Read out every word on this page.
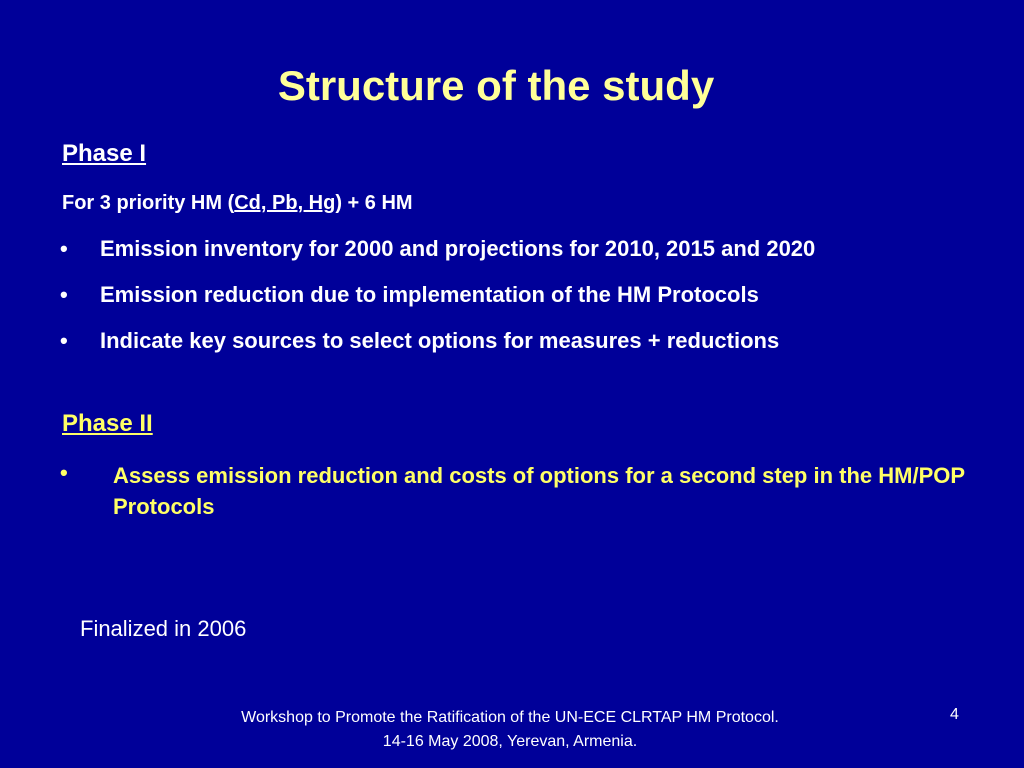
Structure of the study
Phase I
For 3 priority HM (Cd, Pb, Hg) + 6 HM
• Emission inventory for 2000 and projections for 2010, 2015 and 2020
• Emission reduction due to implementation of the HM Protocols
• Indicate key sources to select options for measures + reductions
Phase II
• Assess emission reduction and costs of options for a second step in the HM/POP Protocols
Finalized in 2006
Workshop to Promote the Ratification of the UN-ECE CLRTAP HM Protocol.
14-16 May 2008, Yerevan, Armenia.
4
